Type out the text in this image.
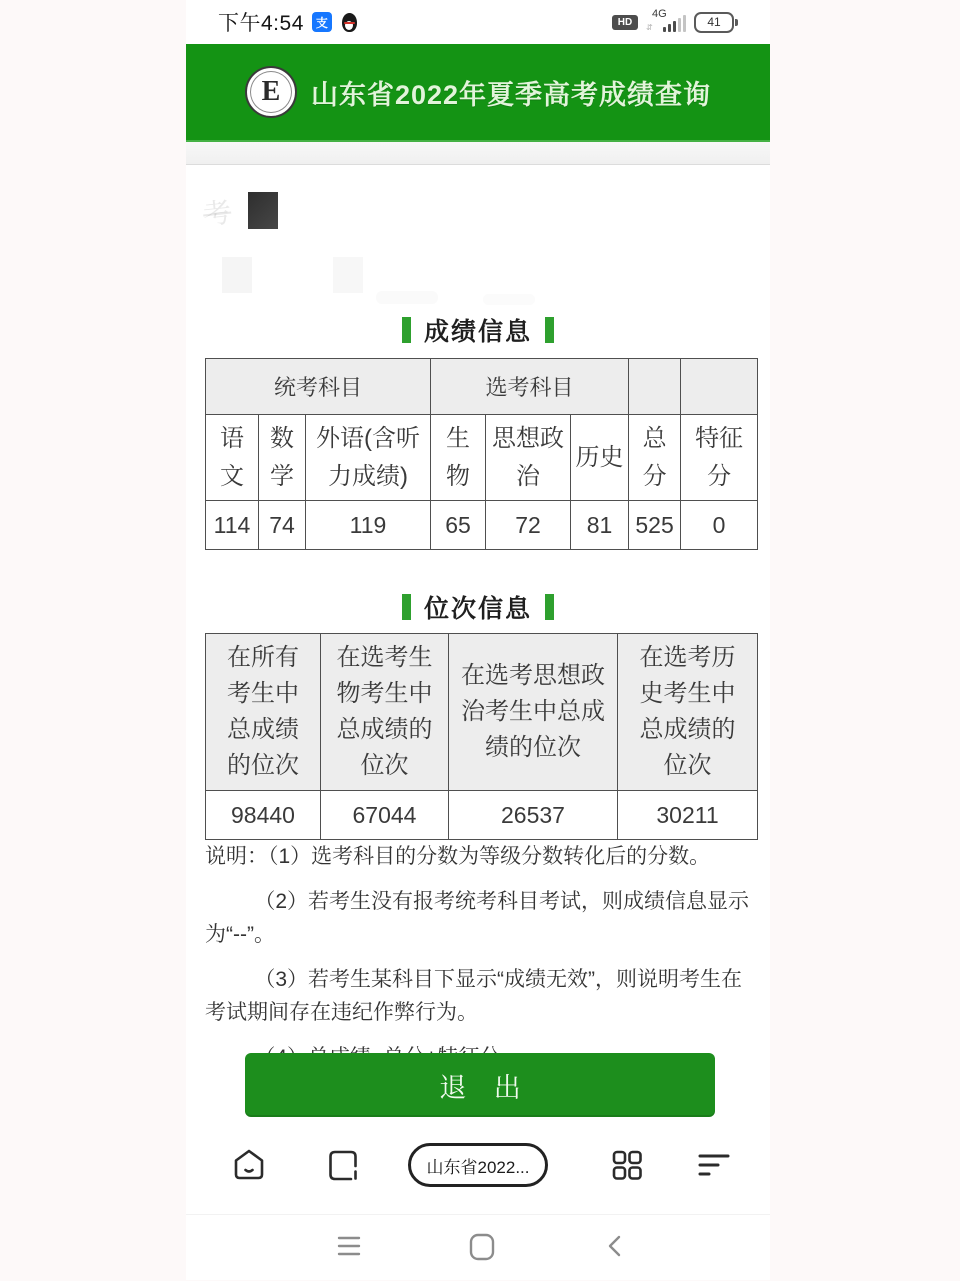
下午4:54 支	HD
4G
⇵	41
E	山东省2022年夏季高考成绩查询
考
成绩信息
统考科目			选考科目				
语文	数学	外语(含听力成绩)	生物	思想政治	历史	总分	特征分
114	74	119	65	72	81	525	0
位次信息
在所有考生中总成绩的位次	在选考生物考生中总成绩的位次	在选考思想政治考生中总成绩的位次	在选考历史考生中总成绩的位次
98440	67044	26537	30211

说明：（1）选考科目的分数为等级分数转化后的分数。

（2）若考生没有报考统考科目考试，则成绩信息显示为“--”。

（3）若考生某科目下显示“成绩无效”，则说明考生在考试期间存在违纪作弊行为。

退 出
山东省2022...
